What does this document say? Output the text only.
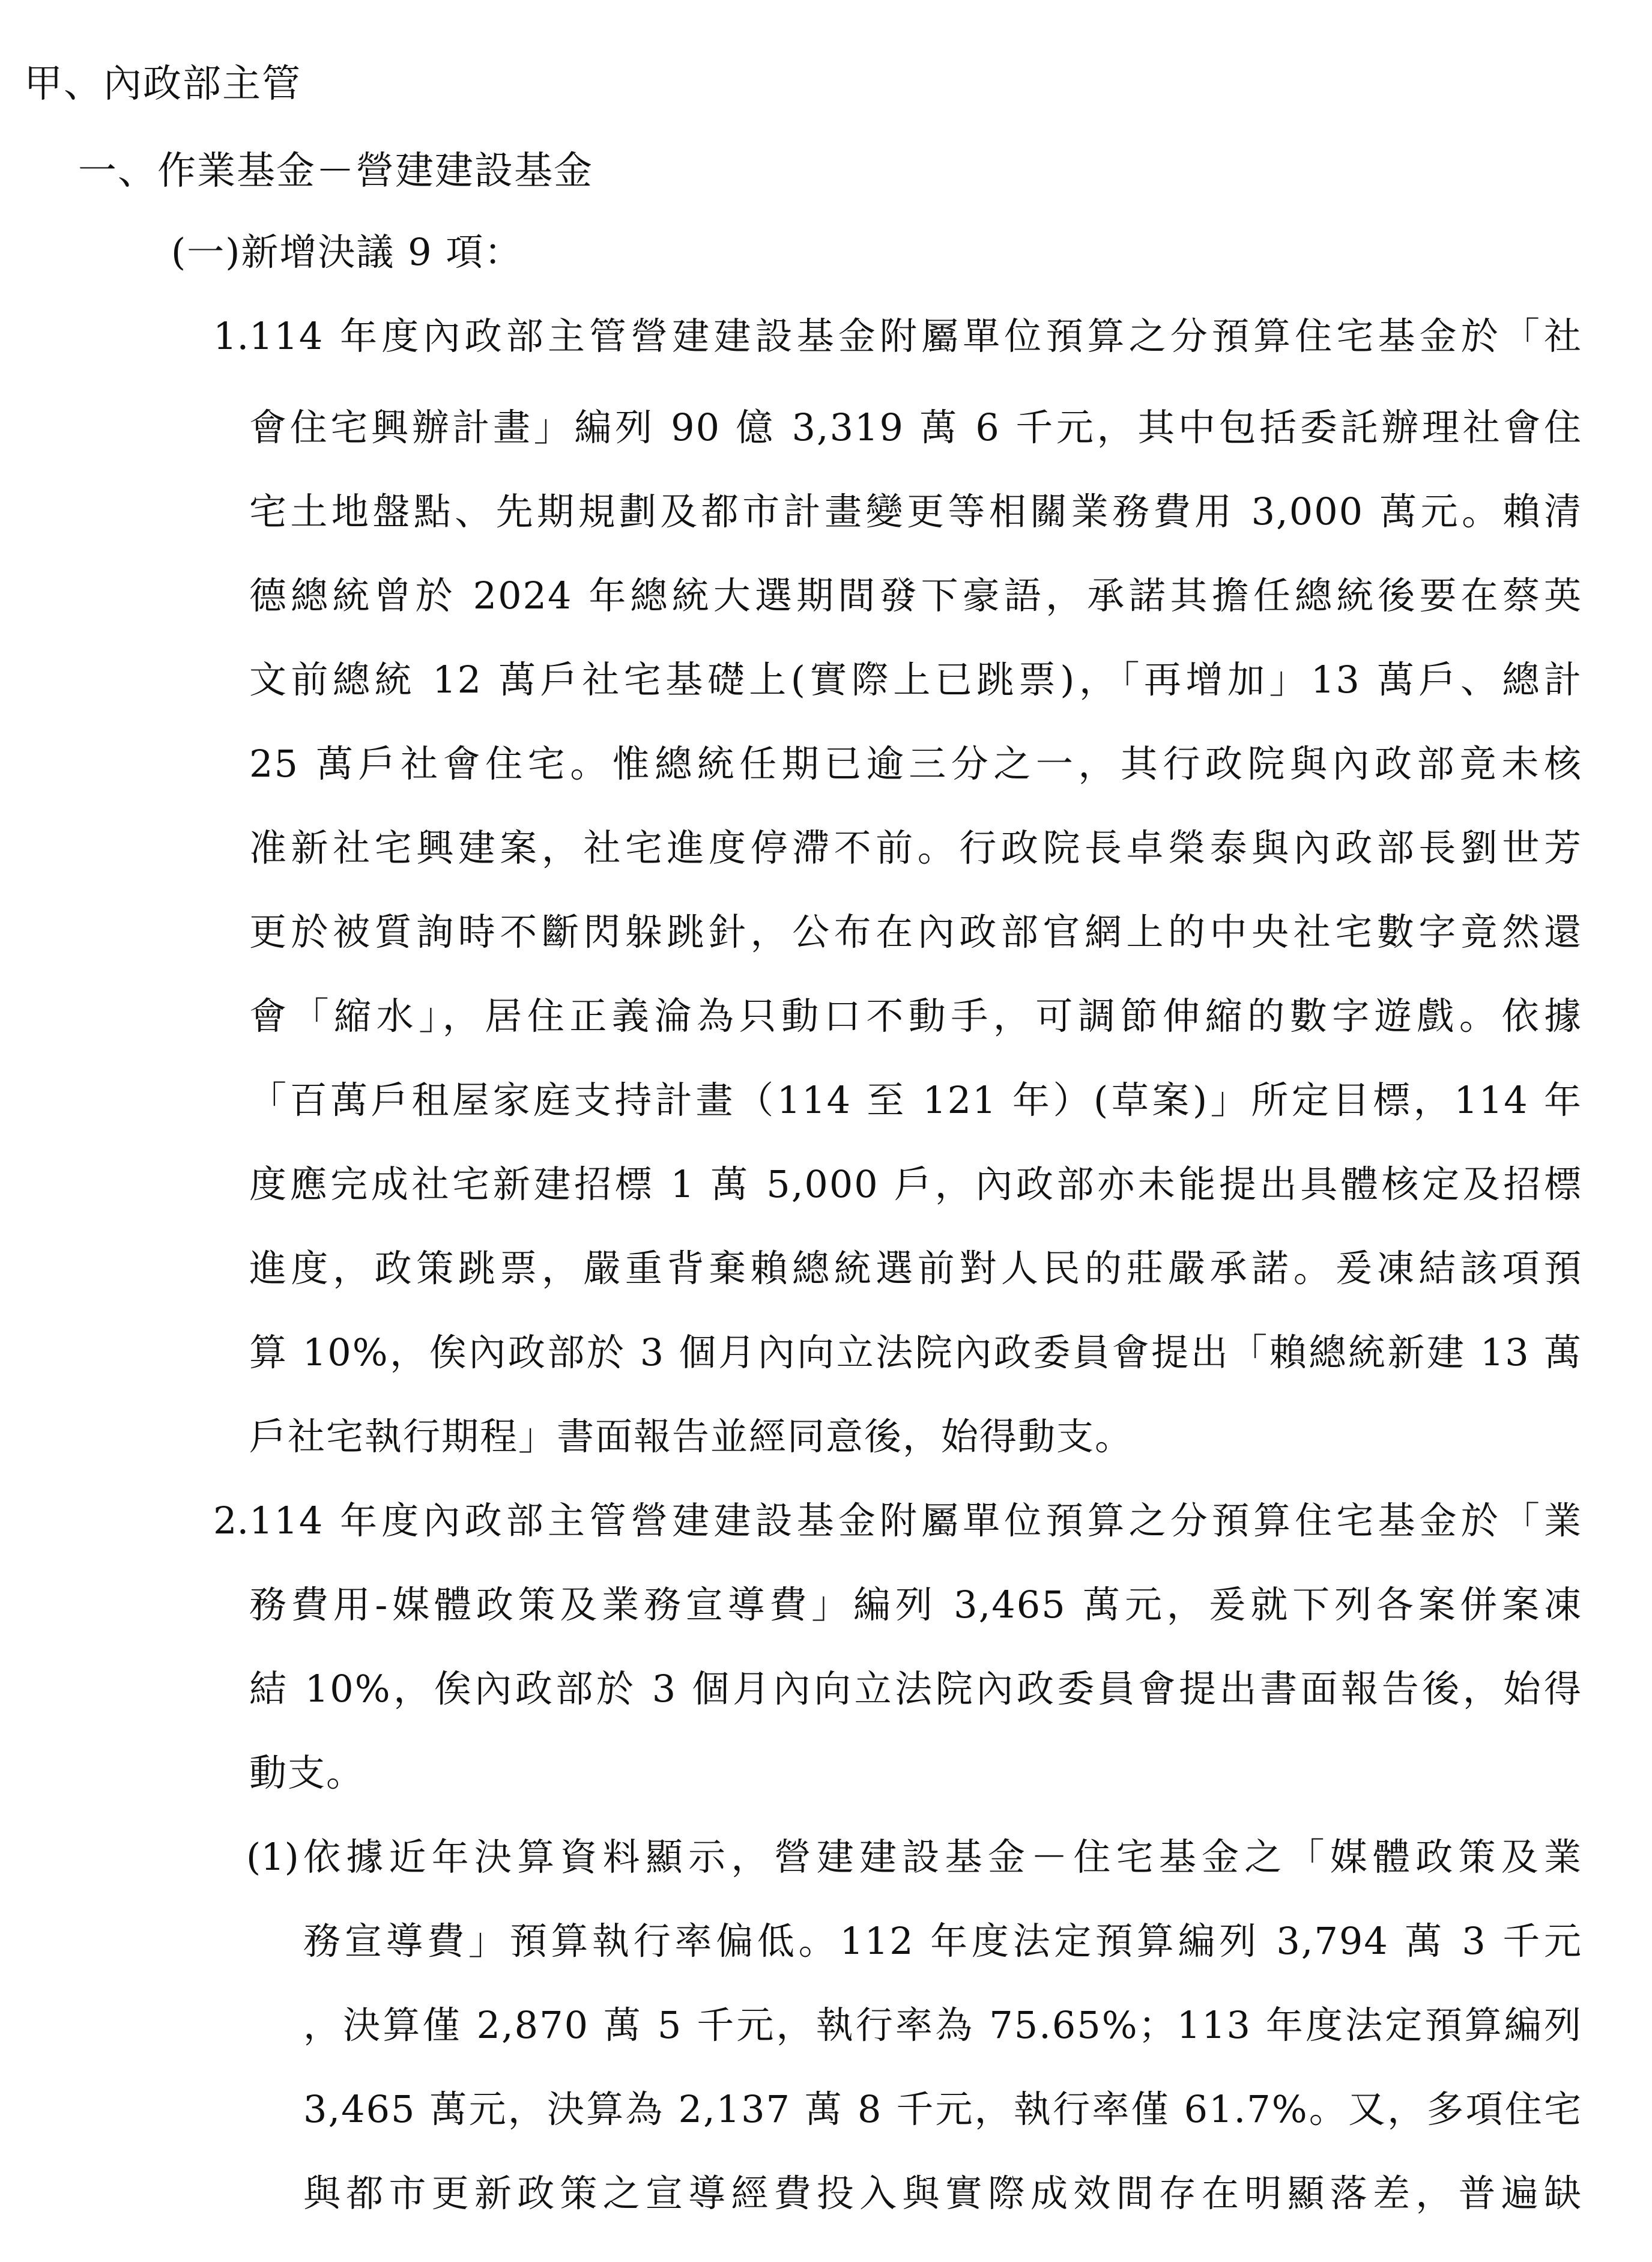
甲、內政部主管
一、作業基金－營建建設基金
(一)新增決議 9 項：
1. 114 年度內政部主管營建建設基金附屬單位預算之分預算住宅基金於「社
會住宅興辦計畫」編列 90 億 3,319 萬 6 千元，其中包括委託辦理社會住
宅土地盤點、先期規劃及都市計畫變更等相關業務費用 3,000 萬元。賴清
德總統曾於 2024 年總統大選期間發下豪語，承諾其擔任總統後要在蔡英
文前總統 12 萬戶社宅基礎上(實際上已跳票)，「再增加」13 萬戶、總計
25 萬戶社會住宅。惟總統任期已逾三分之一，其行政院與內政部竟未核
准新社宅興建案，社宅進度停滯不前。行政院長卓榮泰與內政部長劉世芳
更於被質詢時不斷閃躲跳針，公布在內政部官網上的中央社宅數字竟然還
會「縮水」，居住正義淪為只動口不動手，可調節伸縮的數字遊戲。依據
「百萬戶租屋家庭支持計畫（114 至 121 年）(草案)」所定目標，114 年
度應完成社宅新建招標 1 萬 5,000 戶，內政部亦未能提出具體核定及招標
進度，政策跳票，嚴重背棄賴總統選前對人民的莊嚴承諾。爰凍結該項預
算 10%，俟內政部於 3 個月內向立法院內政委員會提出「賴總統新建 13 萬
戶社宅執行期程」書面報告並經同意後，始得動支。
2. 114 年度內政部主管營建建設基金附屬單位預算之分預算住宅基金於「業
務費用-媒體政策及業務宣導費」編列 3,465 萬元，爰就下列各案併案凍
結 10%，俟內政部於 3 個月內向立法院內政委員會提出書面報告後，始得
動支。
(1) 依據近年決算資料顯示，營建建設基金－住宅基金之「媒體政策及業
務宣導費」預算執行率偏低。112 年度法定預算編列 3,794 萬 3 千元
，決算僅 2,870 萬 5 千元，執行率為 75.65%；113 年度法定預算編列
3,465 萬元，決算為 2,137 萬 8 千元，執行率僅 61.7%。又，多項住宅
與都市更新政策之宣導經費投入與實際成效間存在明顯落差，普遍缺
